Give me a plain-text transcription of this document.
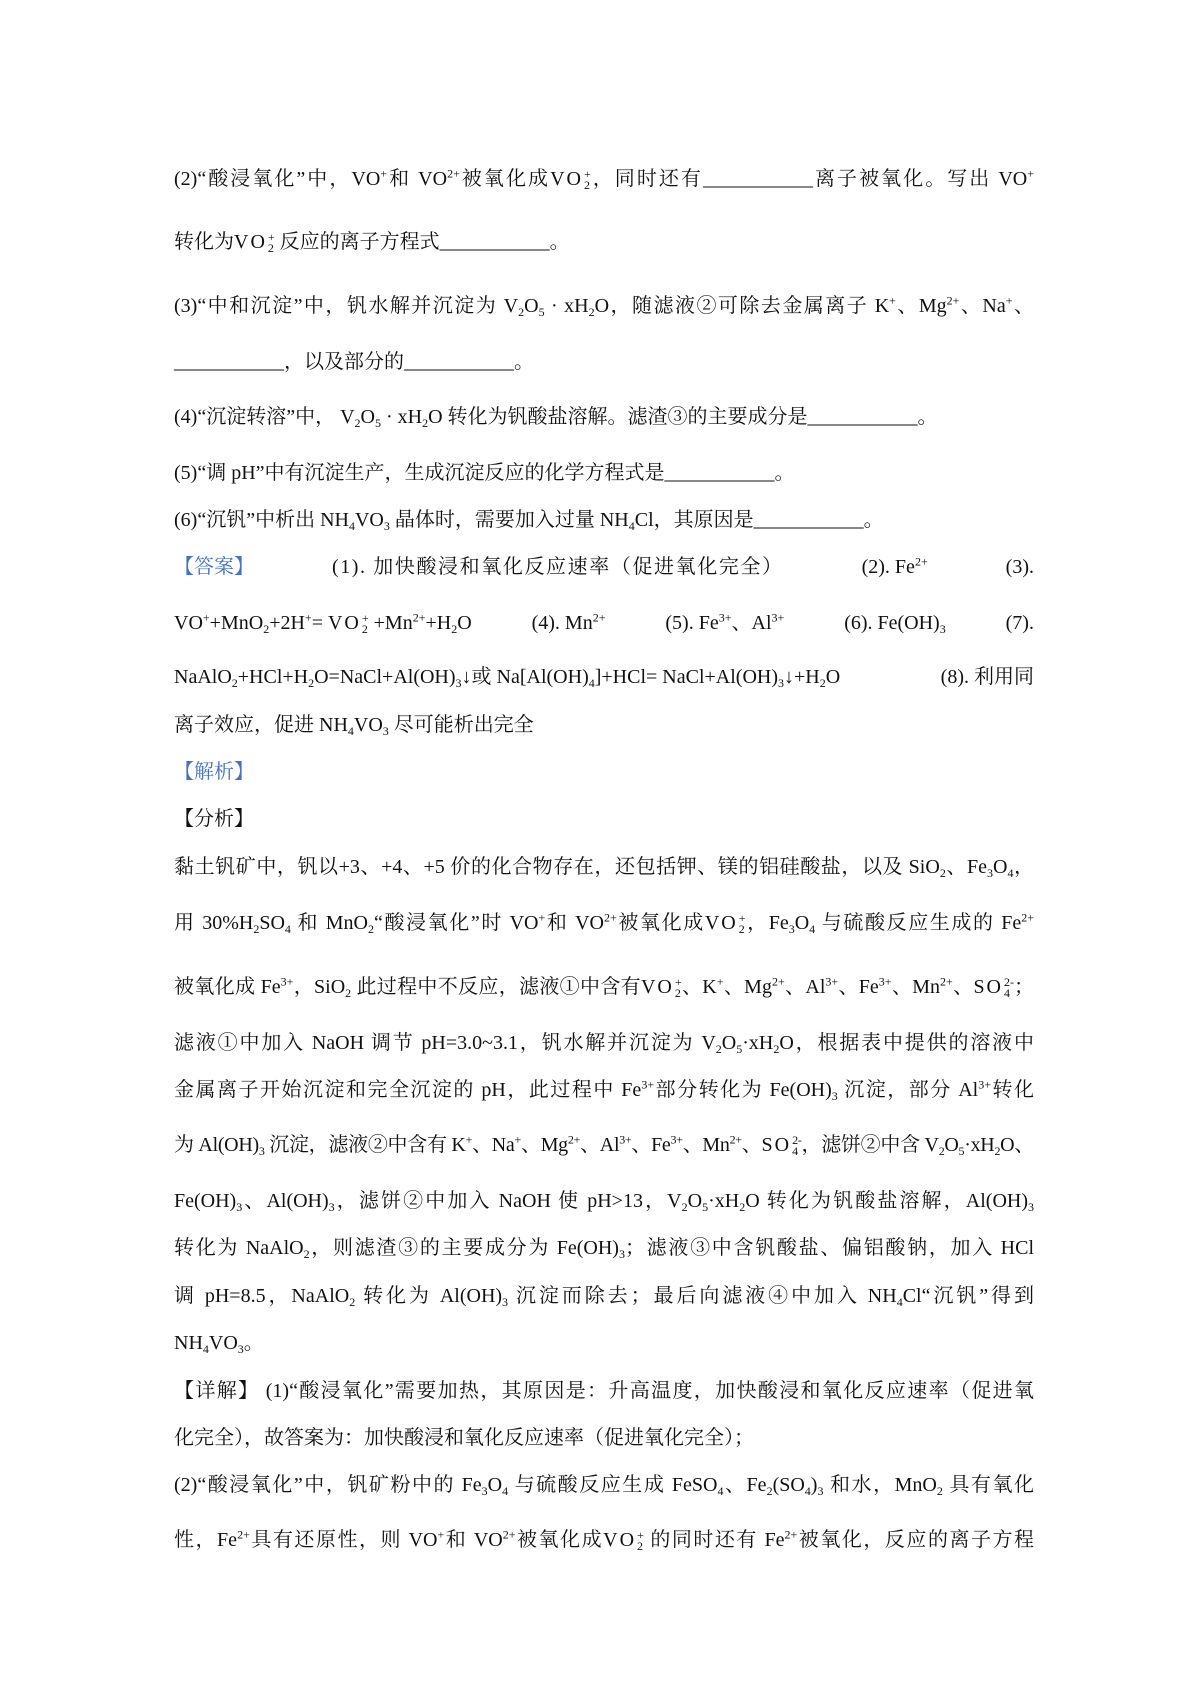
(2)“酸浸氧化”中，VO+和 $VO^{2+}$被氧化成VO +
2 ，同时还有___________离子被氧化。写出 VO+
转化为VO +
2 反应的离子方程式___________。
(3)“中和沉淀”中，钒水解并沉淀为 $V_2O_5 \cdot xH_2O$，随滤液②可除去金属离子 K+、$Mg^{2+}$、Na+、
___________，以及部分的___________。
(4)“沉淀转溶”中， $V_2O_5 \cdot xH_2O$ 转化为钒酸盐溶解。滤渣③的主要成分是___________。
(5)“调 pH”中有沉淀生产，生成沉淀反应的化学方程式是___________。
(6)“沉钒”中析出 $NH_4VO_3$ 晶体时，需要加入过量 $NH_4Cl$，其原因是___________。
【答案】	(1). 加快酸浸和氧化反应速率（促进氧化完全）	(2). $Fe^{2+}$	(3).
VO++MnO$_2$+2H+= VO +
$2 +Mn^{2+}+H_2O$	(4). $Mn^{2+}$	(5). $Fe^{3+}$、$Al^{3+}$	(6). $Fe(OH)_3$	(7).
$NaAlO_2+HCl+H_2O=NaCl+Al(OH)_3↓$或 $Na[Al(OH)_4]+HCl=$ $NaCl+Al(OH)_3↓+H_2O$	(8). 利用同
离子效应，促进 $NH_4VO_3$ 尽可能析出完全
【解析】
【分析】
黏土钒矿中，钒以+3、+4、+5 价的化合物存在，还包括钾、镁的铝硅酸盐，以及 SiO$_2$、$Fe_3O_4$，
用 $30\%H_2SO_4$ 和 MnO$_2$“酸浸氧化”时 VO+和 $VO^{2+}$被氧化成VO +
2 ，$Fe_3O_4$ 与硫酸反应生成的 $Fe^{2+}$
被氧化成 $Fe^{3+}$，SiO$_2$ 此过程中不反应，滤液①中含有VO +
2 、K+、$Mg^{2+}$、$Al^{3+}$、$Fe^{3+}$、$Mn^{2+}$、SO 2-
4 ；
滤液①中加入 NaOH 调节 pH=3.0~3.1，钒水解并沉淀为 $V_2O_5\cdot xH_2O$，根据表中提供的溶液中
金属离子开始沉淀和完全沉淀的 pH，此过程中 $Fe^{3+}$部分转化为 $Fe(OH)_3$ 沉淀，部分 $Al^{3+}$转化
为 $Al(OH)_3$ 沉淀，滤液②中含有 K+、Na+、$Mg^{2+}$、$Al^{3+}$、$Fe^{3+}$、$Mn^{2+}$、SO 2-
4 ，滤饼②中含 $V_2O_5\cdot xH_2O$、
$Fe(OH)_3$、$Al(OH)_3$，滤饼②中加入 NaOH 使 pH>13，$V_2O_5\cdot xH_2O$ 转化为钒酸盐溶解，$Al(OH)_3$
转化为 NaAlO$_2$，则滤渣③的主要成分为 $Fe(OH)_3$；滤液③中含钒酸盐、偏铝酸钠，加入 HCl
调 pH=8.5，NaAlO$_2$ 转化为 $Al(OH)_3$ 沉淀而除去；最后向滤液④中加入 $NH_4Cl“$沉钒”得到
$NH_4VO_3$。
【详解】 (1)“酸浸氧化”需要加热，其原因是：升高温度，加快酸浸和氧化反应速率（促进氧
化完全），故答案为：加快酸浸和氧化反应速率（促进氧化完全）；
(2)“酸浸氧化”中，钒矿粉中的 $Fe_3O_4$ 与硫酸反应生成 FeSO$_4$、$Fe_2(SO_4)_3$ 和水，MnO$_2$ 具有氧化
性，$Fe^{2+}$具有还原性，则 VO+和 $VO^{2+}$被氧化成VO +
2 的同时还有 $Fe^{2+}$被氧化，反应的离子方程
